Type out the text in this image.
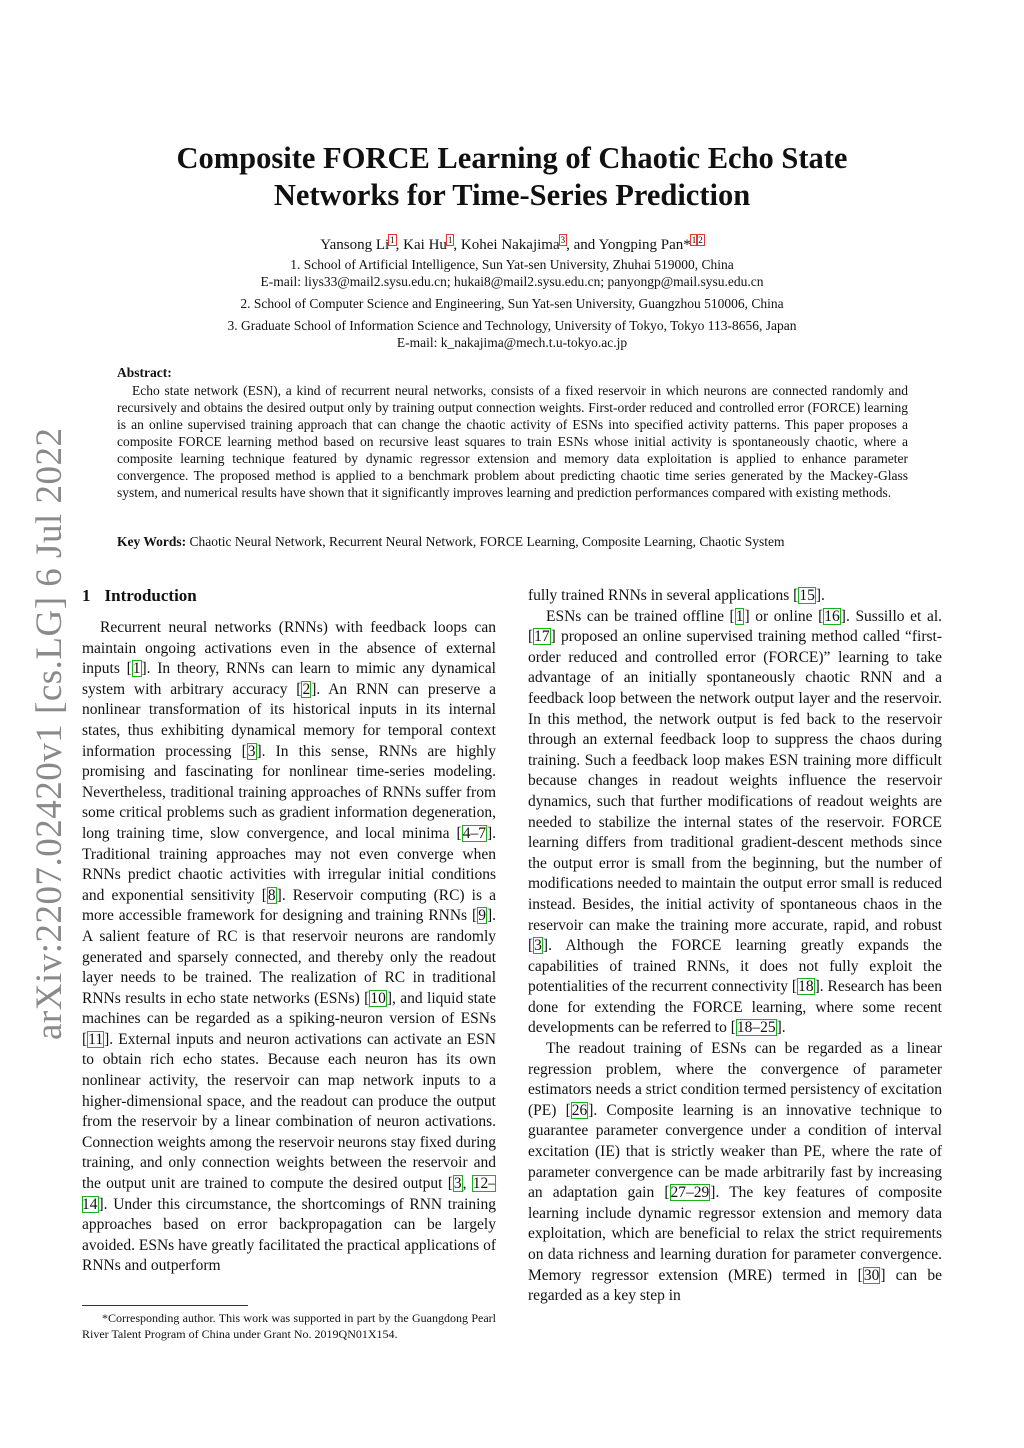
arXiv:2207.02420v1 [cs.LG] 6 Jul 2022
Composite FORCE Learning of Chaotic Echo State
Networks for Time-Series Prediction
Yansong Li$^1$, Kai Hu$^1$, Kohei Nakajima$^3$, and Yongping Pan*$^{1 2}$
1. School of Artificial Intelligence, Sun Yat-sen University, Zhuhai 519000, China
E-mail: liys33@mail2.sysu.edu.cn; hukai8@mail2.sysu.edu.cn; panyongp@mail.sysu.edu.cn
2. School of Computer Science and Engineering, Sun Yat-sen University, Guangzhou 510006, China
3. Graduate School of Information Science and Technology, University of Tokyo, Tokyo 113-8656, Japan
E-mail: k_nakajima@mech.t.u-tokyo.ac.jp
Abstract:
Echo state network (ESN), a kind of recurrent neural networks, consists of a fixed reservoir in which neurons are connected randomly and recursively and obtains the desired output only by training output connection weights. First-order reduced and controlled error (FORCE) learning is an online supervised training approach that can change the chaotic activity of ESNs into specified activity patterns. This paper proposes a composite FORCE learning method based on recursive least squares to train ESNs whose initial activity is spontaneously chaotic, where a composite learning technique featured by dynamic regressor extension and memory data exploitation is applied to enhance parameter convergence. The proposed method is applied to a benchmark problem about predicting chaotic time series generated by the Mackey-Glass system, and numerical results have shown that it significantly improves learning and prediction performances compared with existing methods.
Key Words: Chaotic Neural Network, Recurrent Neural Network, FORCE Learning, Composite Learning, Chaotic System
1 Introduction

Recurrent neural networks (RNNs) with feedback loops can maintain ongoing activations even in the absence of external inputs [1]. In theory, RNNs can learn to mimic any dynamical system with arbitrary accuracy [2]. An RNN can preserve a nonlinear transformation of its historical inputs in its internal states, thus exhibiting dynamical memory for temporal context information processing [3]. In this sense, RNNs are highly promising and fascinating for nonlinear time-series modeling. Nevertheless, traditional training approaches of RNNs suffer from some critical problems such as gradient information degeneration, long training time, slow convergence, and local minima [4–7]. Traditional training approaches may not even converge when RNNs predict chaotic activities with irregular initial conditions and exponential sensitivity [8]. Reservoir computing (RC) is a more accessible framework for designing and training RNNs [9]. A salient feature of RC is that reservoir neurons are randomly generated and sparsely connected, and thereby only the readout layer needs to be trained. The realization of RC in traditional RNNs results in echo state networks (ESNs) [10], and liquid state machines can be regarded as a spiking-neuron version of ESNs [11]. External inputs and neuron activations can activate an ESN to obtain rich echo states. Because each neuron has its own nonlinear activity, the reservoir can map network inputs to a higher-dimensional space, and the readout can produce the output from the reservoir by a linear combination of neuron activations. Connection weights among the reservoir neurons stay fixed during training, and only connection weights between the reservoir and the output unit are trained to compute the desired output [3, 12–14]. Under this circumstance, the shortcomings of RNN training approaches based on error backpropagation can be largely avoided. ESNs have greatly facilitated the practical applications of RNNs and outperform

fully trained RNNs in several applications [15].

ESNs can be trained offline [1] or online [16]. Sussillo et al. [17] proposed an online supervised training method called “first-order reduced and controlled error (FORCE)” learning to take advantage of an initially spontaneously chaotic RNN and a feedback loop between the network output layer and the reservoir. In this method, the network output is fed back to the reservoir through an external feedback loop to suppress the chaos during training. Such a feedback loop makes ESN training more difficult because changes in readout weights influence the reservoir dynamics, such that further modifications of readout weights are needed to stabilize the internal states of the reservoir. FORCE learning differs from traditional gradient-descent methods since the output error is small from the beginning, but the number of modifications needed to maintain the output error small is reduced instead. Besides, the initial activity of spontaneous chaos in the reservoir can make the training more accurate, rapid, and robust [3]. Although the FORCE learning greatly expands the capabilities of trained RNNs, it does not fully exploit the potentialities of the recurrent connectivity [18]. Research has been done for extending the FORCE learning, where some recent developments can be referred to [18–25].

The readout training of ESNs can be regarded as a linear regression problem, where the convergence of parameter estimators needs a strict condition termed persistency of excitation (PE) [26]. Composite learning is an innovative technique to guarantee parameter convergence under a condition of interval excitation (IE) that is strictly weaker than PE, where the rate of parameter convergence can be made arbitrarily fast by increasing an adaptation gain [27–29]. The key features of composite learning include dynamic regressor extension and memory data exploitation, which are beneficial to relax the strict requirements on data richness and learning duration for parameter convergence. Memory regressor extension (MRE) termed in [30] can be regarded as a key step in

*Corresponding author. This work was supported in part by the Guangdong Pearl River Talent Program of China under Grant No. 2019QN01X154.
